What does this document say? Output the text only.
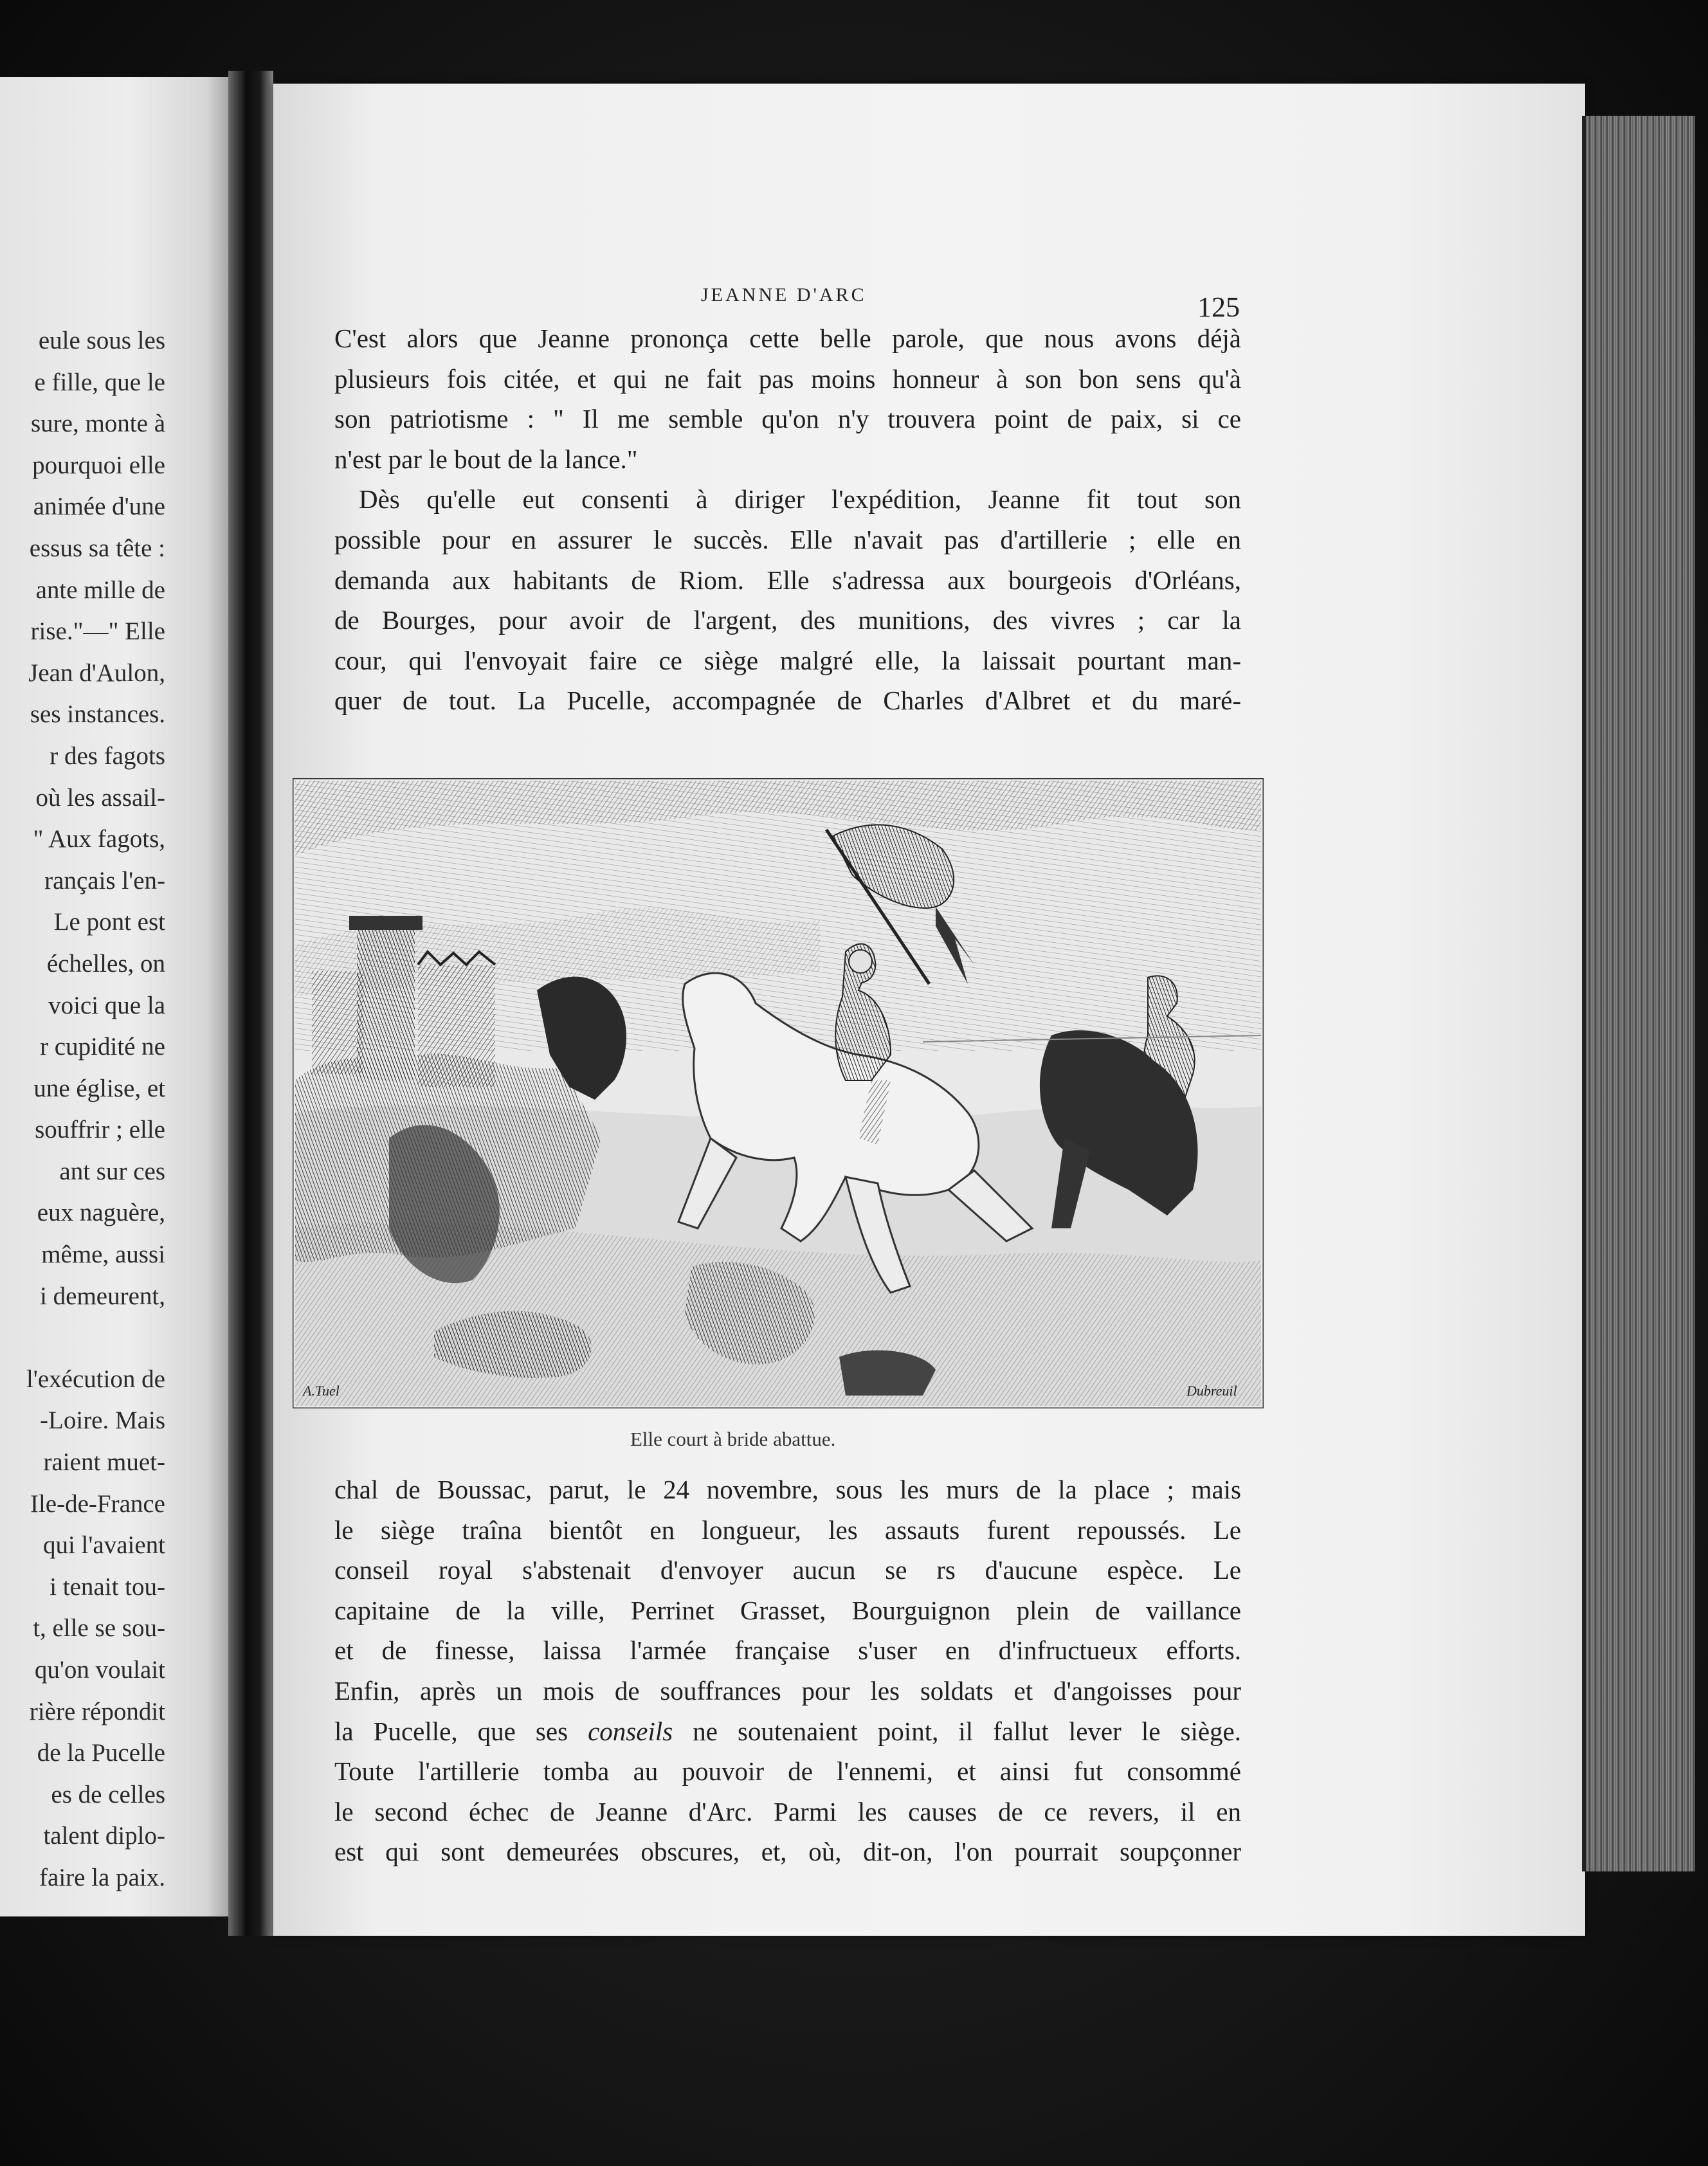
eule sous les
e fille, que le
sure, monte à
pourquoi elle
animée d'une
essus sa tête :
ante mille de
rise."—" Elle
Jean d'Aulon,
ses instances.
r des fagots
où les assail-
" Aux fagots,
rançais l'en-
Le pont est
échelles, on
voici que la
r cupidité ne
une église, et
souffrir ; elle
ant sur ces
eux naguère,
même, aussi
i demeurent,
l'exécution de
-Loire. Mais
raient muet-
Ile-de-France
qui l'avaient
i tenait tou-
t, elle se sou-
qu'on voulait
rière répondit
de la Pucelle
es de celles
talent diplo-
faire la paix.
JEANNE D'ARC	125
C'est alors que Jeanne prononça cette belle parole, que nous avons déjà
plusieurs fois citée, et qui ne fait pas moins honneur à son bon sens qu'à
son patriotisme : " Il me semble qu'on n'y trouvera point de paix, si ce
n'est par le bout de la lance."
Dès qu'elle eut consenti à diriger l'expédition, Jeanne fit tout son
possible pour en assurer le succès. Elle n'avait pas d'artillerie ; elle en
demanda aux habitants de Riom. Elle s'adressa aux bourgeois d'Orléans,
de Bourges, pour avoir de l'argent, des munitions, des vivres ; car la
cour, qui l'envoyait faire ce siège malgré elle, la laissait pourtant man-
quer de tout. La Pucelle, accompagnée de Charles d'Albret et du maré-
A.Tuel	Dubreuil
Elle court à bride abattue.
chal de Boussac, parut, le 24 novembre, sous les murs de la place ; mais
le siège traîna bientôt en longueur, les assauts furent repoussés. Le
conseil royal s'abstenait d'envoyer aucun se rs d'aucune espèce. Le
capitaine de la ville, Perrinet Grasset, Bourguignon plein de vaillance
et de finesse, laissa l'armée française s'user en d'infructueux efforts.
Enfin, après un mois de souffrances pour les soldats et d'angoisses pour
la Pucelle, que ses conseils ne soutenaient point, il fallut lever le siège.
Toute l'artillerie tomba au pouvoir de l'ennemi, et ainsi fut consommé
le second échec de Jeanne d'Arc. Parmi les causes de ce revers, il en
est qui sont demeurées obscures, et, où, dit-on, l'on pourrait soupçonner
